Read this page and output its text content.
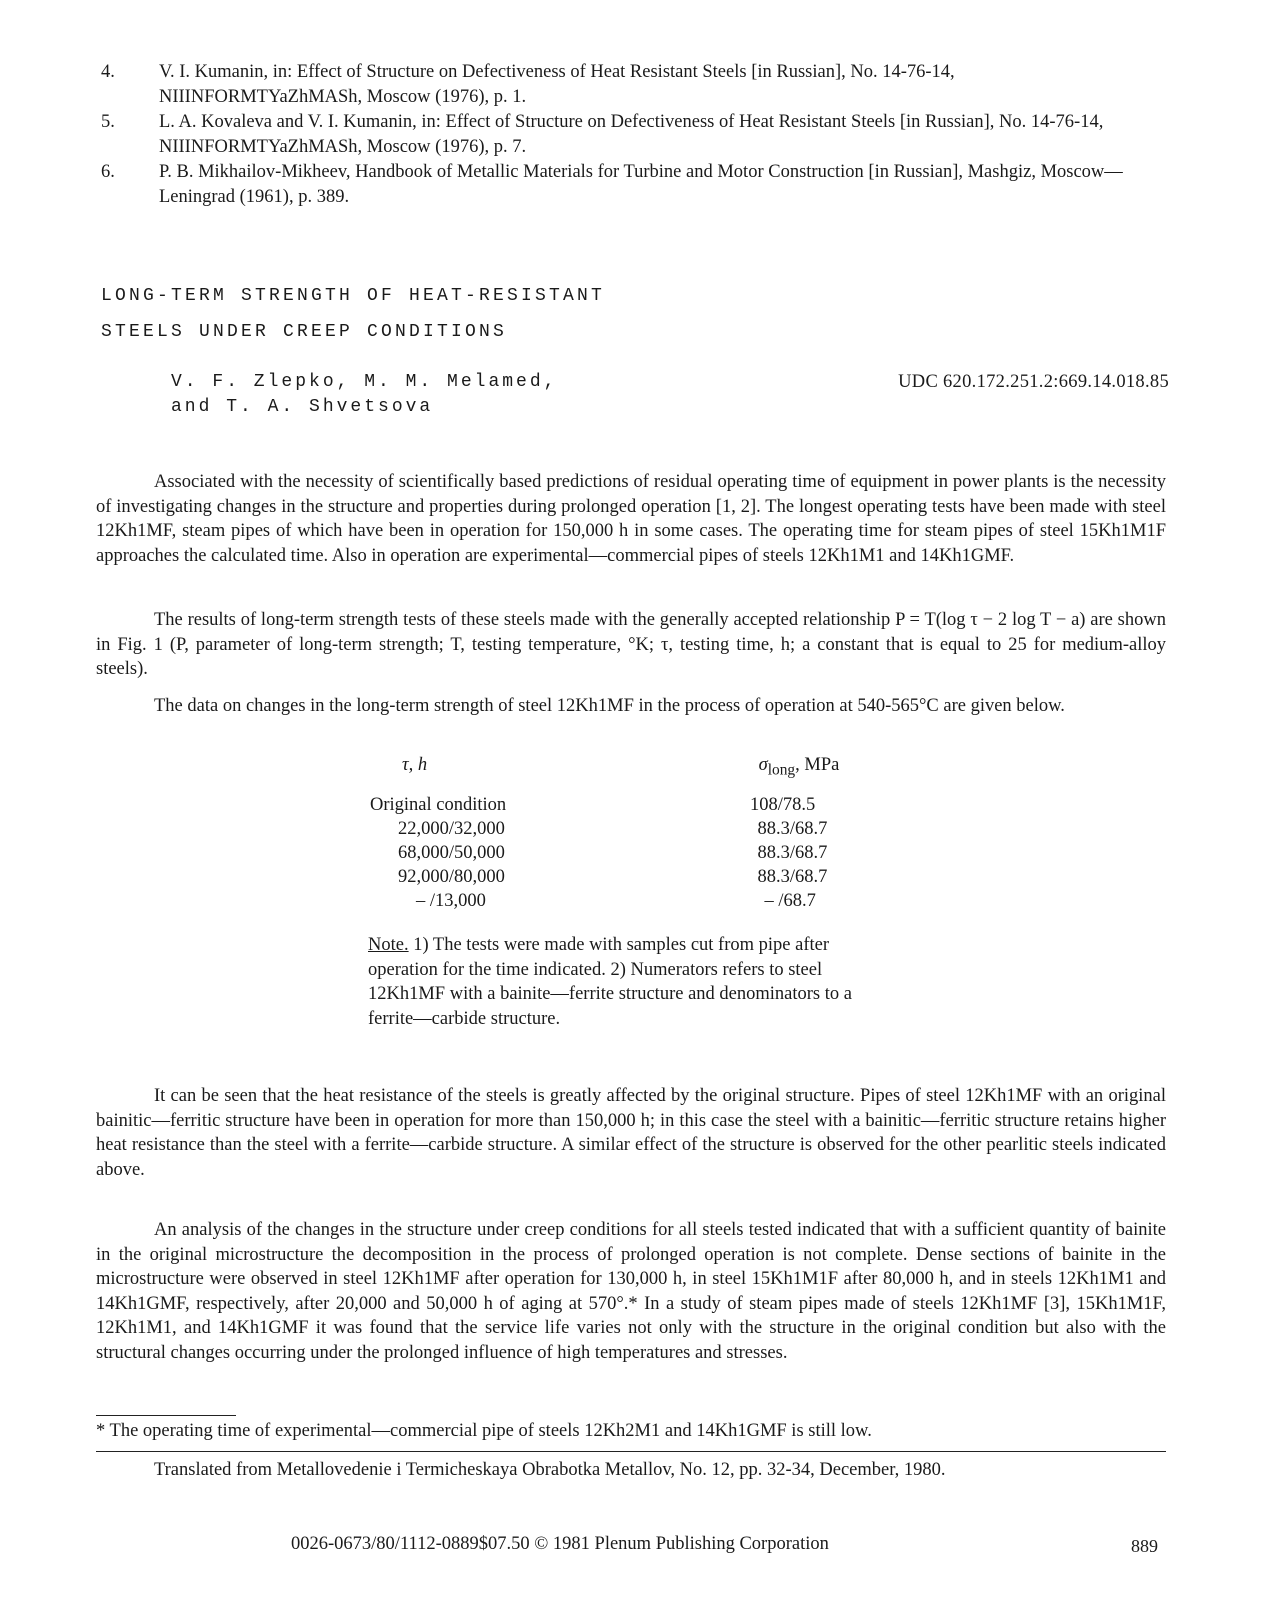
4.	V. I. Kumanin, in: Effect of Structure on Defectiveness of Heat Resistant Steels [in Russian], No. 14-76-14, NIIINFORMTYaZhMASh, Moscow (1976), p. 1.
5.	L. A. Kovaleva and V. I. Kumanin, in: Effect of Structure on Defectiveness of Heat Resistant Steels [in Russian], No. 14-76-14, NIIINFORMTYaZhMASh, Moscow (1976), p. 7.
6.	P. B. Mikhailov-Mikheev, Handbook of Metallic Materials for Turbine and Motor Construction [in Russian], Mashgiz, Moscow—Leningrad (1961), p. 389.
LONG-TERM STRENGTH OF HEAT-RESISTANT
STEELS UNDER CREEP CONDITIONS
V. F. Zlepko, M. M. Melamed,
and T. A. Shvetsova
UDC 620.172.251.2:669.14.018.85

Associated with the necessity of scientifically based predictions of residual operating time of equipment in power plants is the necessity of investigating changes in the structure and properties during prolonged operation [1, 2]. The longest operating tests have been made with steel 12Kh1MF, steam pipes of which have been in operation for 150,000 h in some cases. The operating time for steam pipes of steel 15Kh1M1F approaches the calculated time. Also in operation are experimental—commercial pipes of steels 12Kh1M1 and 14Kh1GMF.

The results of long-term strength tests of these steels made with the generally accepted relationship P = T(log τ − 2 log T − a) are shown in Fig. 1 (P, parameter of long-term strength; T, testing temperature, °K; τ, testing time, h; a constant that is equal to 25 for medium-alloy steels).

The data on changes in the long-term strength of steel 12Kh1MF in the process of operation at 540-565°C are given below.

τ, h	$\sigma_{long}$, MPa
Original condition	108/78.5
22,000/32,000	88.3/68.7
68,000/50,000	88.3/68.7
92,000/80,000	88.3/68.7
– /13,000	– /68.7
Note. 1) The tests were made with samples cut from pipe after operation for the time indicated. 2) Numerators refers to steel 12Kh1MF with a bainite—ferrite structure and denominators to a ferrite—carbide structure.

It can be seen that the heat resistance of the steels is greatly affected by the original structure. Pipes of steel 12Kh1MF with an original bainitic—ferritic structure have been in operation for more than 150,000 h; in this case the steel with a bainitic—ferritic structure retains higher heat resistance than the steel with a ferrite—carbide structure. A similar effect of the structure is observed for the other pearlitic steels indicated above.

An analysis of the changes in the structure under creep conditions for all steels tested indicated that with a sufficient quantity of bainite in the original microstructure the decomposition in the process of prolonged operation is not complete. Dense sections of bainite in the microstructure were observed in steel 12Kh1MF after operation for 130,000 h, in steel 15Kh1M1F after 80,000 h, and in steels 12Kh1M1 and 14Kh1GMF, respectively, after 20,000 and 50,000 h of aging at 570°.* In a study of steam pipes made of steels 12Kh1MF [3], 15Kh1M1F, 12Kh1M1, and 14Kh1GMF it was found that the service life varies not only with the structure in the original condition but also with the structural changes occurring under the prolonged influence of high temperatures and stresses.

* The operating time of experimental—commercial pipe of steels 12Kh2M1 and 14Kh1GMF is still low.

Translated from Metallovedenie i Termicheskaya Obrabotka Metallov, No. 12, pp. 32-34, December, 1980.

0026-0673/80/1112-0889$07.50 © 1981 Plenum Publishing Corporation	889
